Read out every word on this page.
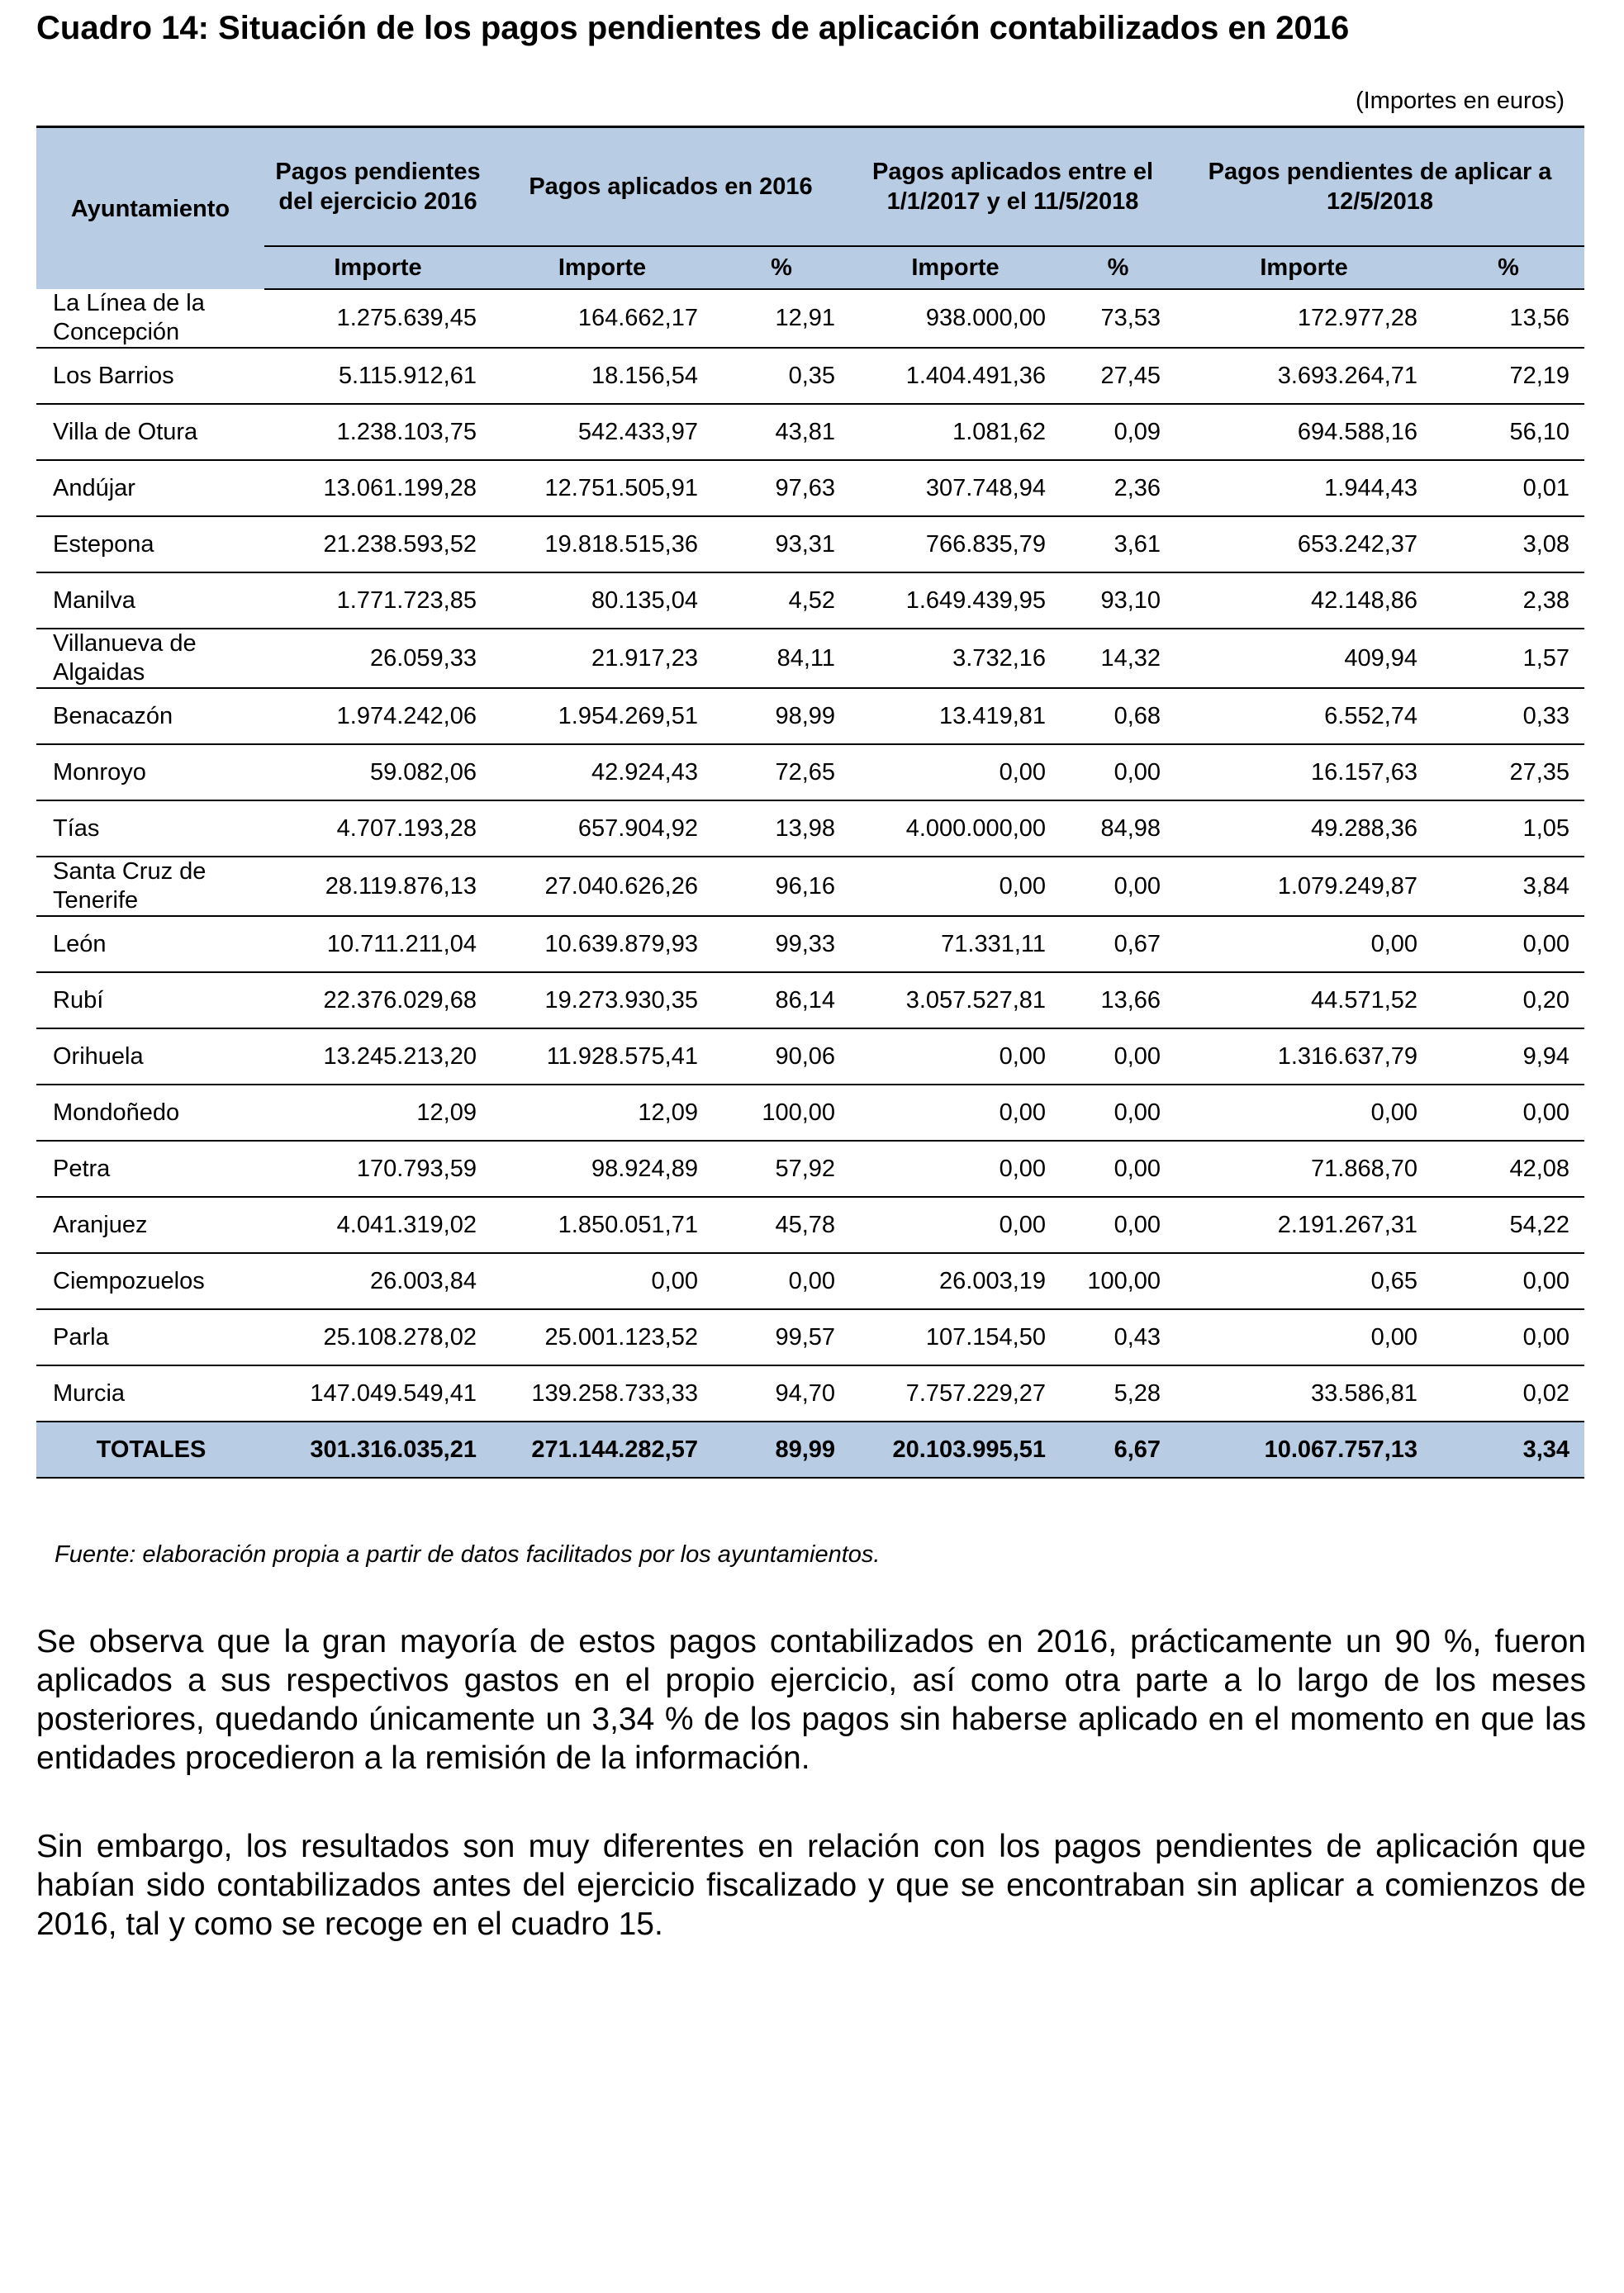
Cuadro 14: Situación de los pagos pendientes de aplicación contabilizados en 2016
(Importes en euros)
Ayuntamiento	Pagos pendientes del ejercicio 2016	Pagos aplicados en 2016		Pagos aplicados entre el 1/1/2017 y el 11/5/2018		Pagos pendientes de aplicar a 12/5/2018	
	Importe	Importe	%	Importe	%	Importe	%
La Línea de la Concepción	1.275.639,45	164.662,17	12,91	938.000,00	73,53	172.977,28	13,56
Los Barrios	5.115.912,61	18.156,54	0,35	1.404.491,36	27,45	3.693.264,71	72,19
Villa de Otura	1.238.103,75	542.433,97	43,81	1.081,62	0,09	694.588,16	56,10
Andújar	13.061.199,28	12.751.505,91	97,63	307.748,94	2,36	1.944,43	0,01
Estepona	21.238.593,52	19.818.515,36	93,31	766.835,79	3,61	653.242,37	3,08
Manilva	1.771.723,85	80.135,04	4,52	1.649.439,95	93,10	42.148,86	2,38
Villanueva de Algaidas	26.059,33	21.917,23	84,11	3.732,16	14,32	409,94	1,57
Benacazón	1.974.242,06	1.954.269,51	98,99	13.419,81	0,68	6.552,74	0,33
Monroyo	59.082,06	42.924,43	72,65	0,00	0,00	16.157,63	27,35
Tías	4.707.193,28	657.904,92	13,98	4.000.000,00	84,98	49.288,36	1,05
Santa Cruz de Tenerife	28.119.876,13	27.040.626,26	96,16	0,00	0,00	1.079.249,87	3,84
León	10.711.211,04	10.639.879,93	99,33	71.331,11	0,67	0,00	0,00
Rubí	22.376.029,68	19.273.930,35	86,14	3.057.527,81	13,66	44.571,52	0,20
Orihuela	13.245.213,20	11.928.575,41	90,06	0,00	0,00	1.316.637,79	9,94
Mondoñedo	12,09	12,09	100,00	0,00	0,00	0,00	0,00
Petra	170.793,59	98.924,89	57,92	0,00	0,00	71.868,70	42,08
Aranjuez	4.041.319,02	1.850.051,71	45,78	0,00	0,00	2.191.267,31	54,22
Ciempozuelos	26.003,84	0,00	0,00	26.003,19	100,00	0,65	0,00
Parla	25.108.278,02	25.001.123,52	99,57	107.154,50	0,43	0,00	0,00
Murcia	147.049.549,41	139.258.733,33	94,70	7.757.229,27	5,28	33.586,81	0,02
TOTALES	301.316.035,21	271.144.282,57	89,99	20.103.995,51	6,67	10.067.757,13	3,34
Fuente: elaboración propia a partir de datos facilitados por los ayuntamientos.

Se observa que la gran mayoría de estos pagos contabilizados en 2016, prácticamente un 90 %, fueron aplicados a sus respectivos gastos en el propio ejercicio, así como otra parte a lo largo de los meses posteriores, quedando únicamente un 3,34 % de los pagos sin haberse aplicado en el momento en que las entidades procedieron a la remisión de la información.

Sin embargo, los resultados son muy diferentes en relación con los pagos pendientes de aplicación que habían sido contabilizados antes del ejercicio fiscalizado y que se encontraban sin aplicar a comienzos de 2016, tal y como se recoge en el cuadro 15.
